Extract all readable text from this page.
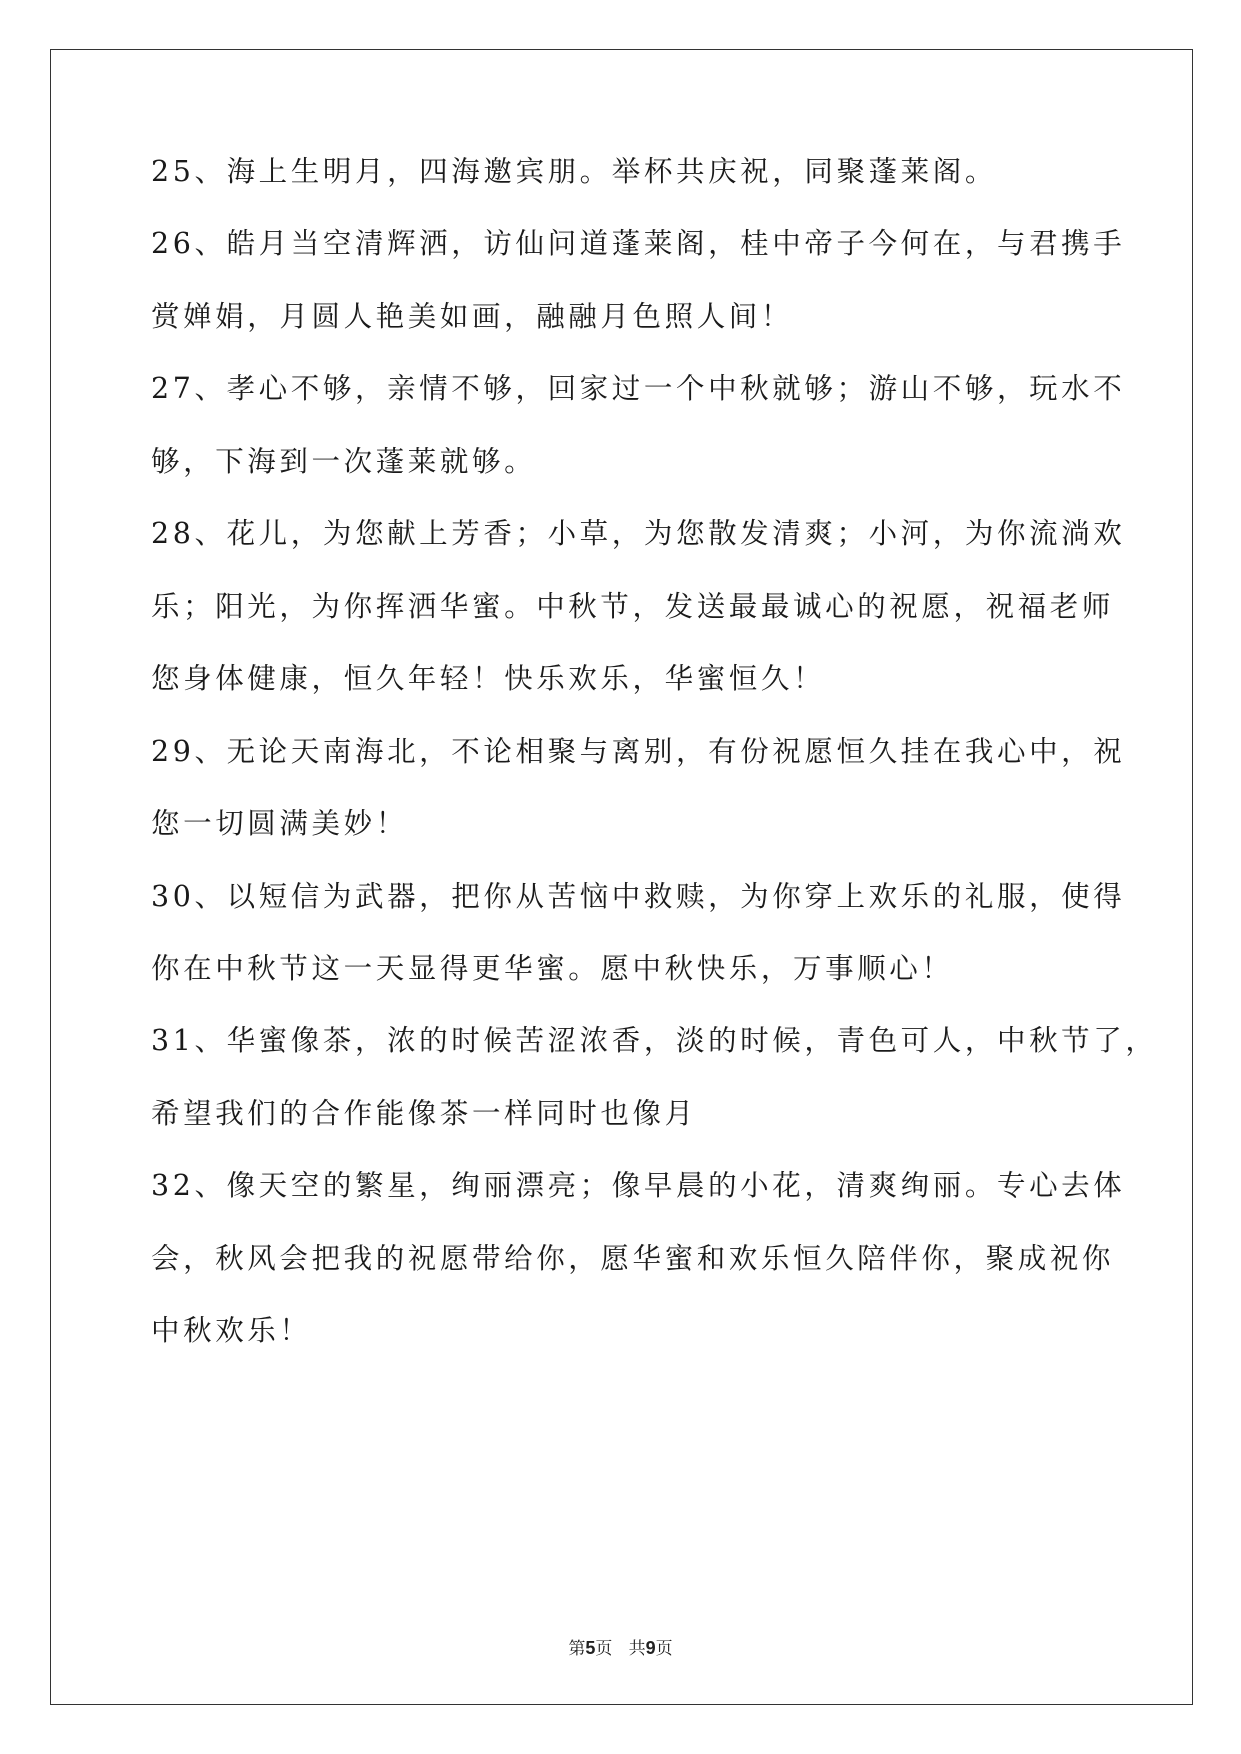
25、海上生明月，四海邀宾朋。举杯共庆祝，同聚蓬莱阁。
26、皓月当空清辉洒，访仙问道蓬莱阁，桂中帝子今何在，与君携手
赏婵娟，月圆人艳美如画，融融月色照人间！
27、孝心不够，亲情不够，回家过一个中秋就够；游山不够，玩水不
够，下海到一次蓬莱就够。
28、花儿，为您献上芳香；小草，为您散发清爽；小河，为你流淌欢
乐；阳光，为你挥洒华蜜。中秋节，发送最最诚心的祝愿，祝福老师
您身体健康，恒久年轻！快乐欢乐，华蜜恒久！
29、无论天南海北，不论相聚与离别，有份祝愿恒久挂在我心中，祝
您一切圆满美妙！
30、以短信为武器，把你从苦恼中救赎，为你穿上欢乐的礼服，使得
你在中秋节这一天显得更华蜜。愿中秋快乐，万事顺心！
31、华蜜像茶，浓的时候苦涩浓香，淡的时候，青色可人，中秋节了，
希望我们的合作能像茶一样同时也像月
32、像天空的繁星，绚丽漂亮；像早晨的小花，清爽绚丽。专心去体
会，秋风会把我的祝愿带给你，愿华蜜和欢乐恒久陪伴你，聚成祝你
中秋欢乐！
第5页   共9页
